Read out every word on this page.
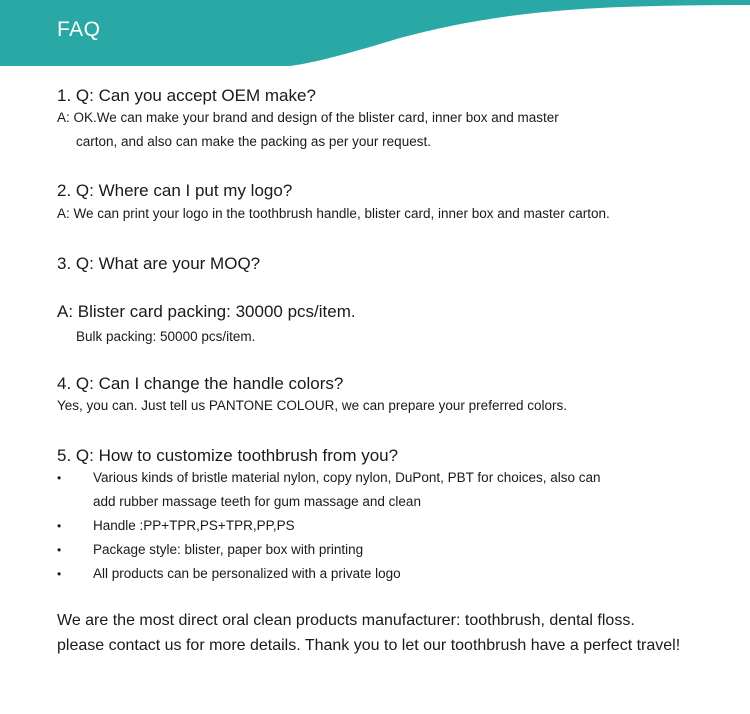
FAQ
1. Q: Can you accept OEM make?
A: OK.We can make your brand and design of the blister card, inner box and master
carton, and also can make the packing as per your request.
2. Q: Where can I put my logo?
A: We can print your logo in the toothbrush handle, blister card, inner box and master carton.
3. Q: What are your MOQ?
A: Blister card packing: 30000 pcs/item.
Bulk packing: 50000 pcs/item.
4. Q: Can I change the handle colors?
Yes, you can. Just tell us PANTONE COLOUR, we can prepare your preferred colors.
5. Q: How to customize toothbrush from you?
• Various kinds of bristle material nylon, copy nylon, DuPont, PBT for choices, also can
add rubber massage teeth for gum massage and clean
• Handle :PP+TPR,PS+TPR,PP,PS
• Package style: blister, paper box with printing
• All products can be personalized with a private logo
We are the most direct oral clean products manufacturer: toothbrush, dental floss.
please contact us for more details. Thank you to let our toothbrush have a perfect travel!
